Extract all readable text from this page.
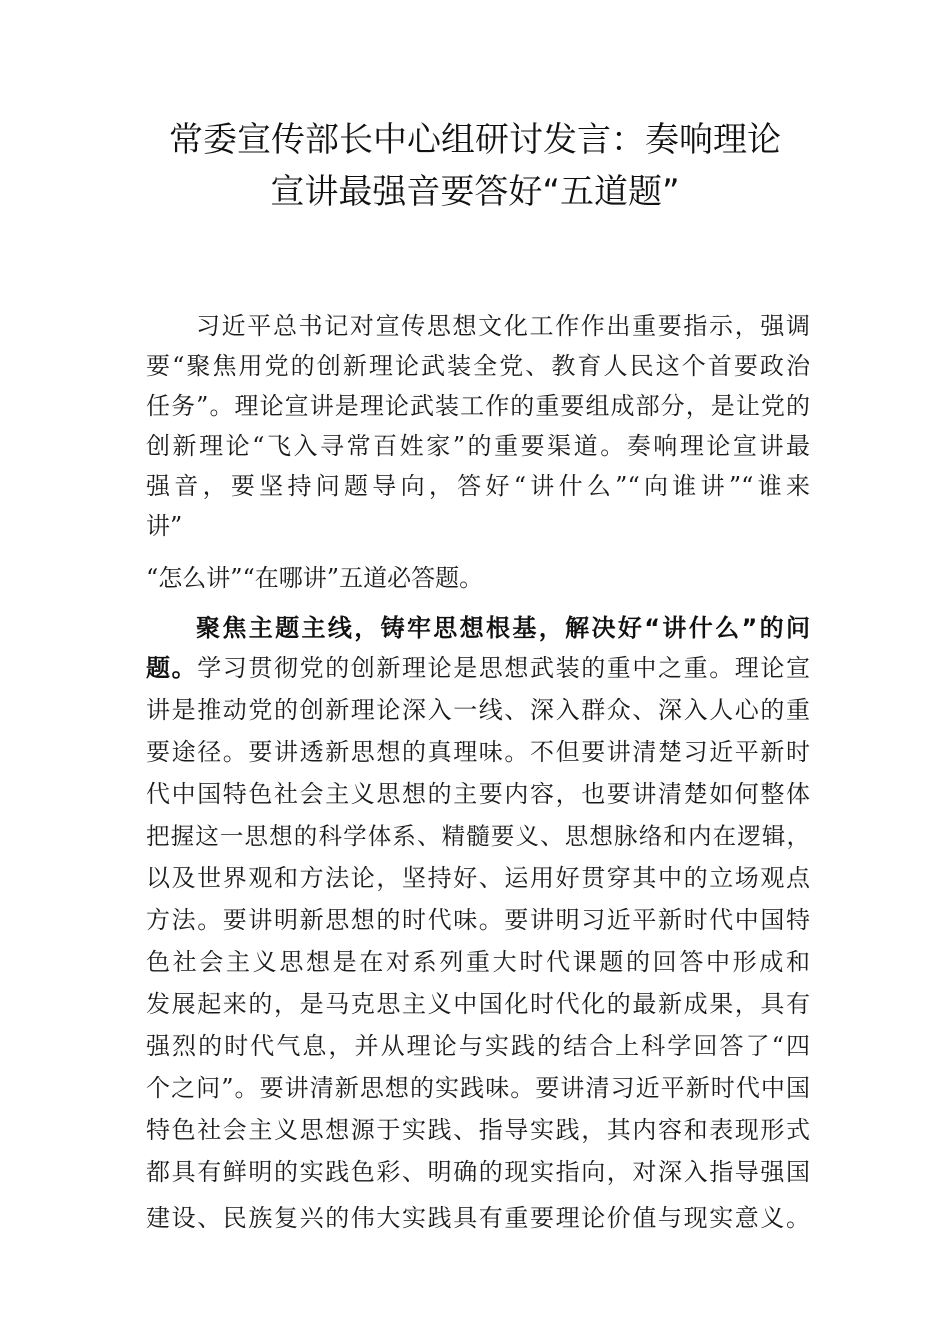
常委宣传部长中心组研讨发言：奏响理论
宣讲最强音要答好“五道题”
习近平总书记对宣传思想文化工作作出重要指示，强调
要“聚焦用党的创新理论武装全党、教育人民这个首要政治
任务”。理论宣讲是理论武装工作的重要组成部分，是让党的
创新理论“飞入寻常百姓家”的重要渠道。奏响理论宣讲最
强音，要坚持问题导向，答好“讲什么”“向谁讲”“谁来
讲”
“怎么讲”“在哪讲”五道必答题。
聚焦主题主线，铸牢思想根基，解决好“讲什么”的问
题。学习贯彻党的创新理论是思想武装的重中之重。理论宣
讲是推动党的创新理论深入一线、深入群众、深入人心的重
要途径。要讲透新思想的真理味。不但要讲清楚习近平新时
代中国特色社会主义思想的主要内容，也要讲清楚如何整体
把握这一思想的科学体系、精髓要义、思想脉络和内在逻辑，
以及世界观和方法论，坚持好、运用好贯穿其中的立场观点
方法。要讲明新思想的时代味。要讲明习近平新时代中国特
色社会主义思想是在对系列重大时代课题的回答中形成和
发展起来的，是马克思主义中国化时代化的最新成果，具有
强烈的时代气息，并从理论与实践的结合上科学回答了“四
个之问”。要讲清新思想的实践味。要讲清习近平新时代中国
特色社会主义思想源于实践、指导实践，其内容和表现形式
都具有鲜明的实践色彩、明确的现实指向，对深入指导强国
建设、民族复兴的伟大实践具有重要理论价值与现实意义。
